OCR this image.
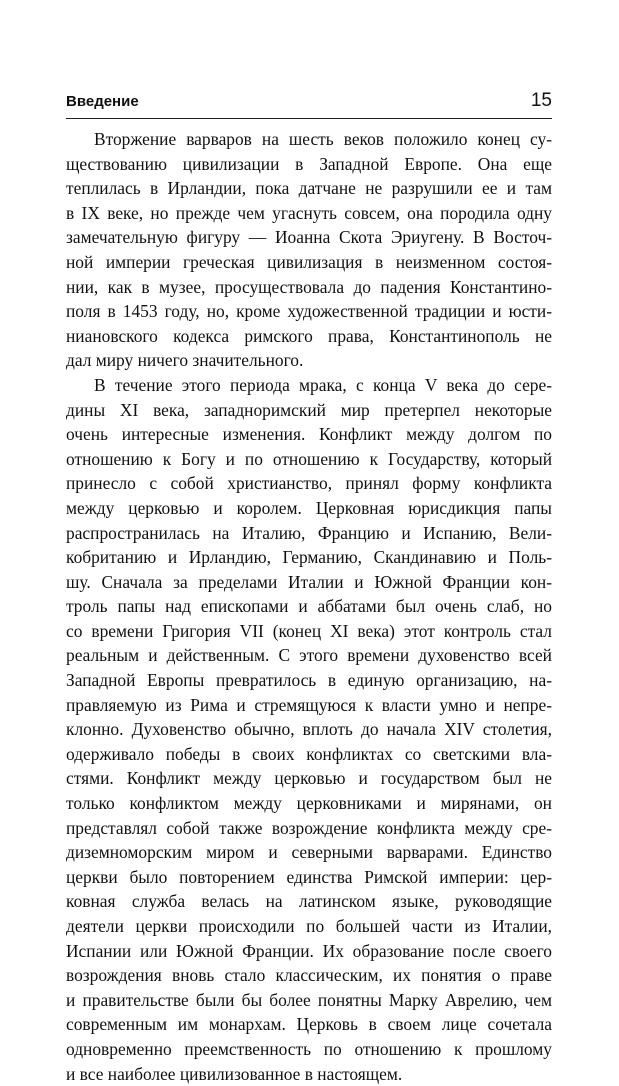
Введение	15
Вторжение варваров на шесть веков положило конец су-
ществованию цивилизации в Западной Европе. Она еще
теплилась в Ирландии, пока датчане не разрушили ее и там
в IX веке, но прежде чем угаснуть совсем, она породила одну
замечательную фигуру — Иоанна Скота Эриугену. В Восточ-
ной империи греческая цивилизация в неизменном состоя-
нии, как в музее, просуществовала до падения Константино-
поля в 1453 году, но, кроме художественной традиции и юсти-
ниановского кодекса римского права, Константинополь не
дал миру ничего значительного.
В течение этого периода мрака, с конца V века до сере-
дины XI века, западноримский мир претерпел некоторые
очень интересные изменения. Конфликт между долгом по
отношению к Богу и по отношению к Государству, который
принесло с собой христианство, принял форму конфликта
между церковью и королем. Церковная юрисдикция папы
распространилась на Италию, Францию и Испанию, Вели-
кобританию и Ирландию, Германию, Скандинавию и Поль-
шу. Сначала за пределами Италии и Южной Франции кон-
троль папы над епископами и аббатами был очень слаб, но
со времени Григория VII (конец XI века) этот контроль стал
реальным и действенным. С этого времени духовенство всей
Западной Европы превратилось в единую организацию, на-
правляемую из Рима и стремящуюся к власти умно и непре-
клонно. Духовенство обычно, вплоть до начала XIV столетия,
одерживало победы в своих конфликтах со светскими вла-
стями. Конфликт между церковью и государством был не
только конфликтом между церковниками и мирянами, он
представлял собой также возрождение конфликта между сре-
диземноморским миром и северными варварами. Единство
церкви было повторением единства Римской империи: цер-
ковная служба велась на латинском языке, руководящие
деятели церкви происходили по большей части из Италии,
Испании или Южной Франции. Их образование после своего
возрождения вновь стало классическим, их понятия о праве
и правительстве были бы более понятны Марку Аврелию, чем
современным им монархам. Церковь в своем лице сочетала
одновременно преемственность по отношению к прошлому
и все наиболее цивилизованное в настоящем.
